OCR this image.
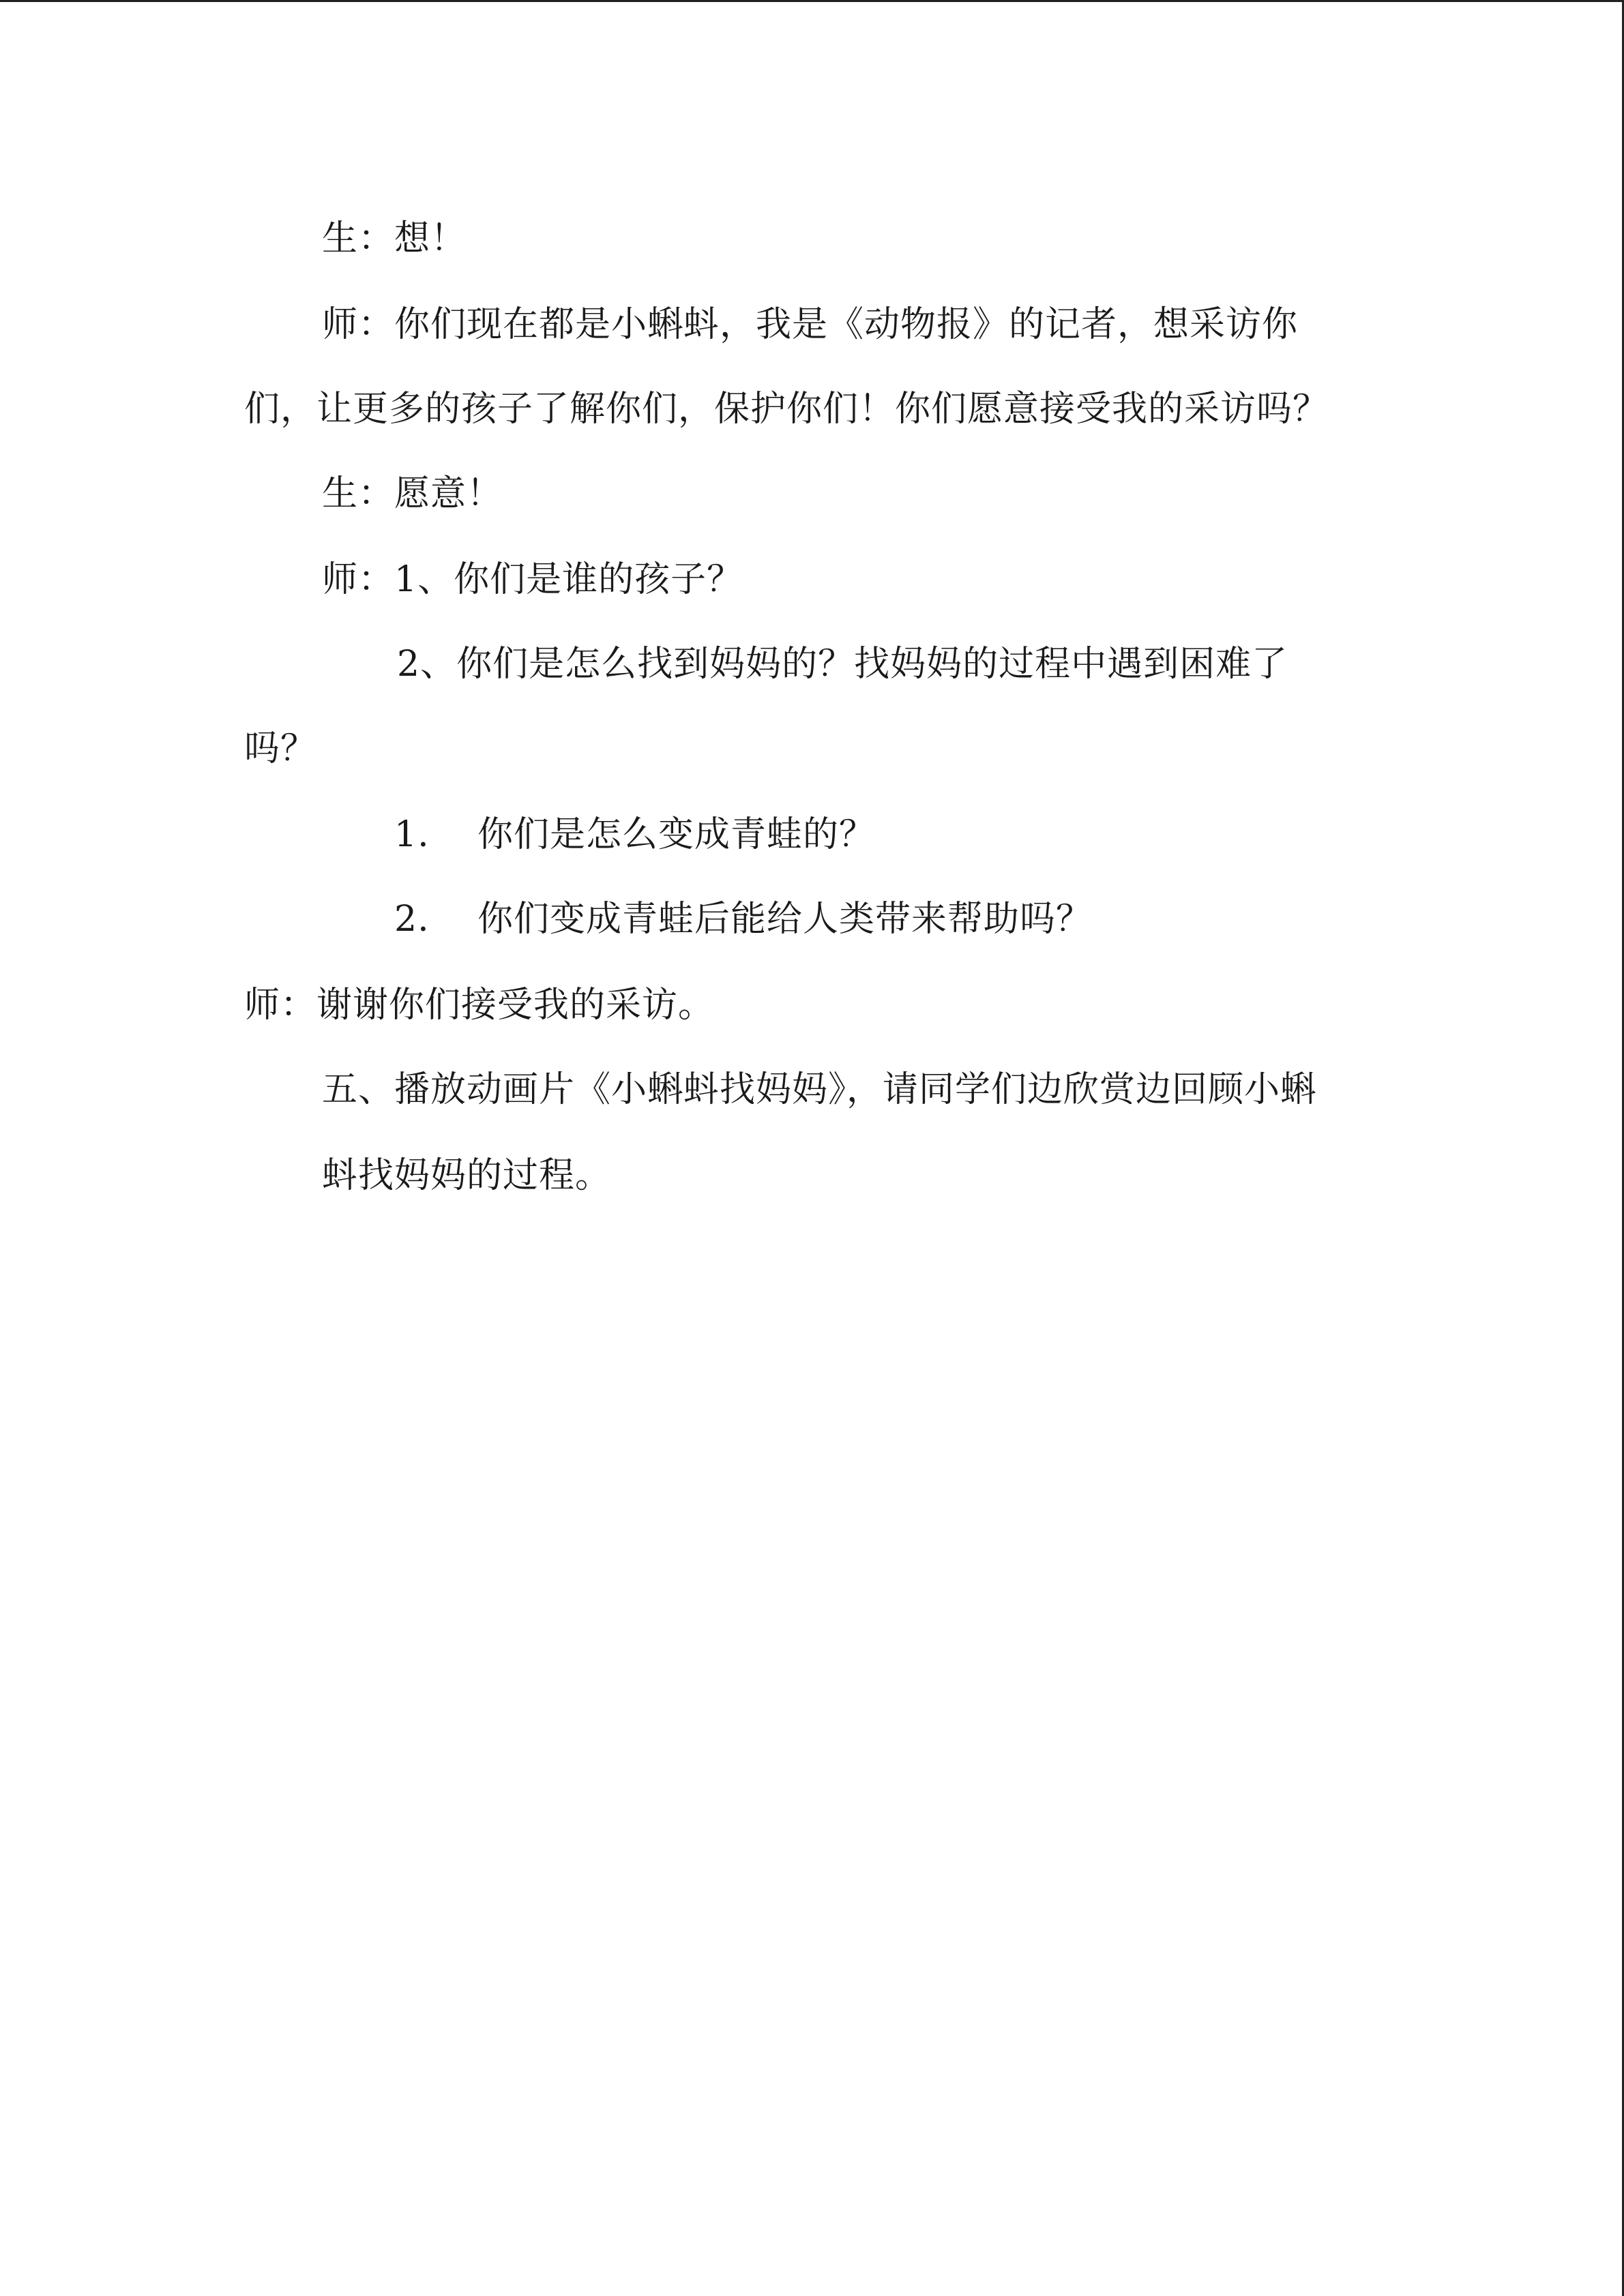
生：想！
师：你们现在都是小蝌蚪，我是《动物报》的记者，想采访你
们，让更多的孩子了解你们，保护你们！你们愿意接受我的采访吗？
生：愿意！
师：1、你们是谁的孩子？
2、你们是怎么找到妈妈的？找妈妈的过程中遇到困难了
吗？
1. 你们是怎么变成青蛙的？
2. 你们变成青蛙后能给人类带来帮助吗？
师：谢谢你们接受我的采访。
五、播放动画片《小蝌蚪找妈妈》，请同学们边欣赏边回顾小蝌
蚪找妈妈的过程。
